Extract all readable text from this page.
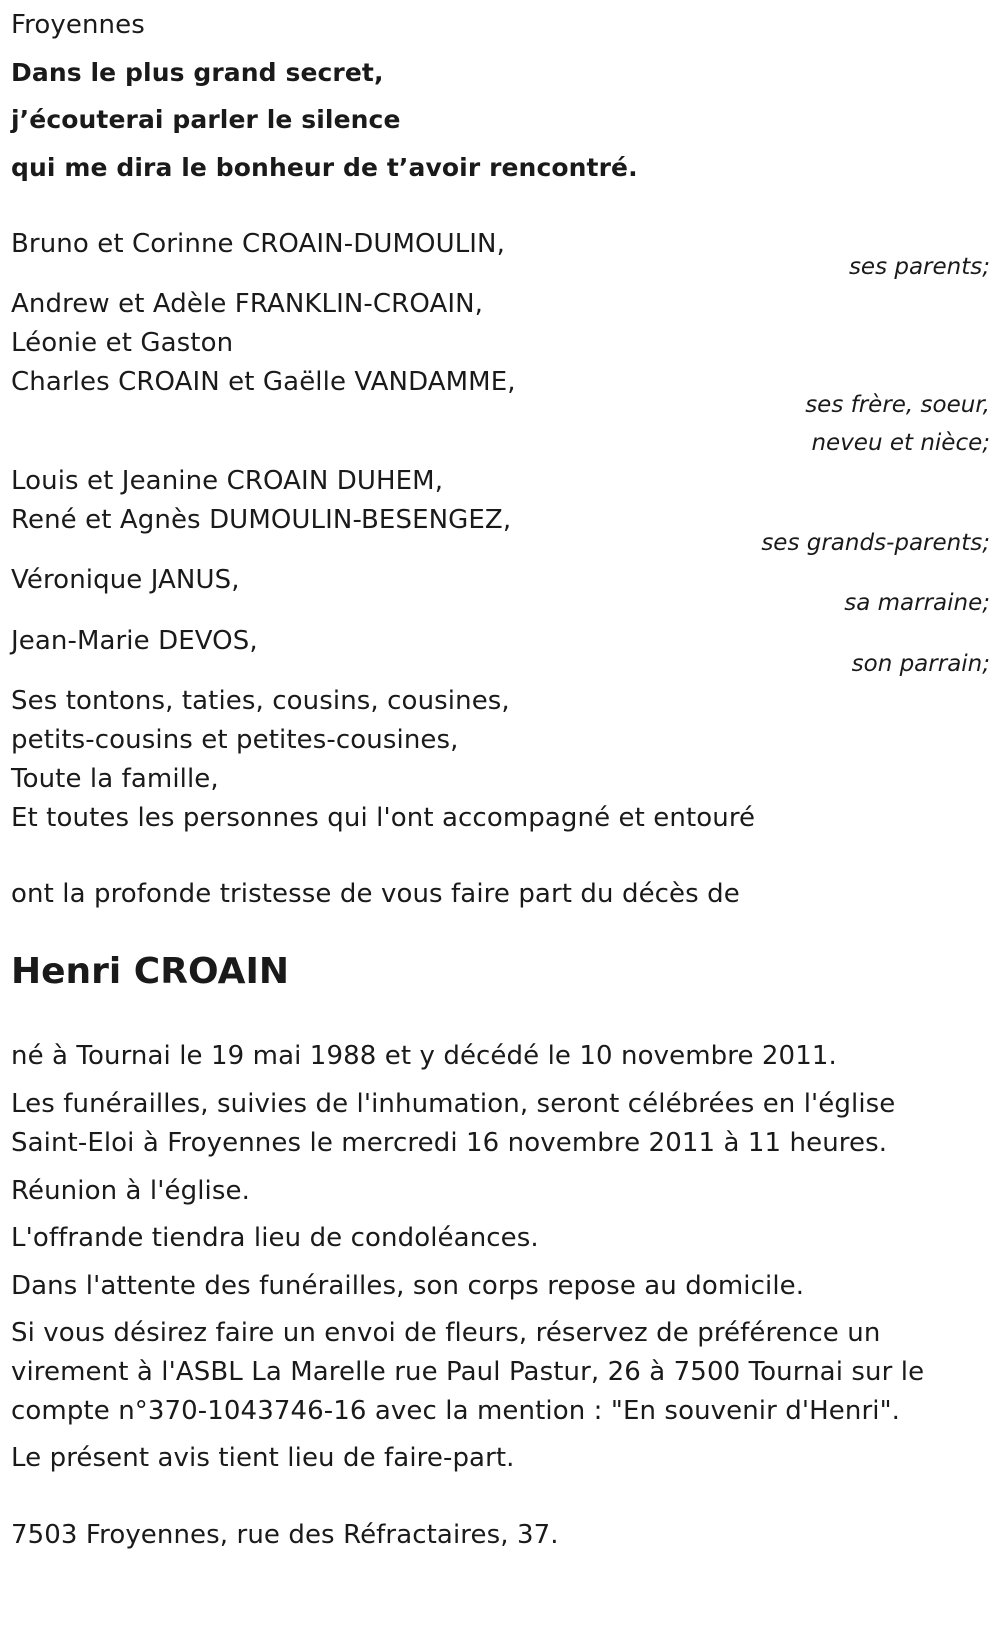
Froyennes
Dans le plus grand secret,
j’écouterai parler le silence
qui me dira le bonheur de t’avoir rencontré.
Bruno et Corinne CROAIN-DUMOULIN,
ses parents;
Andrew et Adèle FRANKLIN-CROAIN,
Léonie et Gaston
Charles CROAIN et Gaëlle VANDAMME,
ses frère, soeur,
neveu et nièce;
Louis et Jeanine CROAIN DUHEM,
René et Agnès DUMOULIN-BESENGEZ,
ses grands-parents;
Véronique JANUS,
sa marraine;
Jean-Marie DEVOS,
son parrain;
Ses tontons, taties, cousins, cousines,
petits-cousins et petites-cousines,
Toute la famille,
Et toutes les personnes qui l'ont accompagné et entouré
ont la profonde tristesse de vous faire part du décès de
Henri CROAIN
né à Tournai le 19 mai 1988 et y décédé le 10 novembre 2011.
Les funérailles, suivies de l'inhumation, seront célébrées en l'église
Saint-Eloi à Froyennes le mercredi 16 novembre 2011 à 11 heures.
Réunion à l'église.
L'offrande tiendra lieu de condoléances.
Dans l'attente des funérailles, son corps repose au domicile.
Si vous désirez faire un envoi de fleurs, réservez de préférence un
virement à l'ASBL La Marelle rue Paul Pastur, 26 à 7500 Tournai sur le
compte n°370-1043746-16 avec la mention : "En souvenir d'Henri".
Le présent avis tient lieu de faire-part.
7503 Froyennes, rue des Réfractaires, 37.
